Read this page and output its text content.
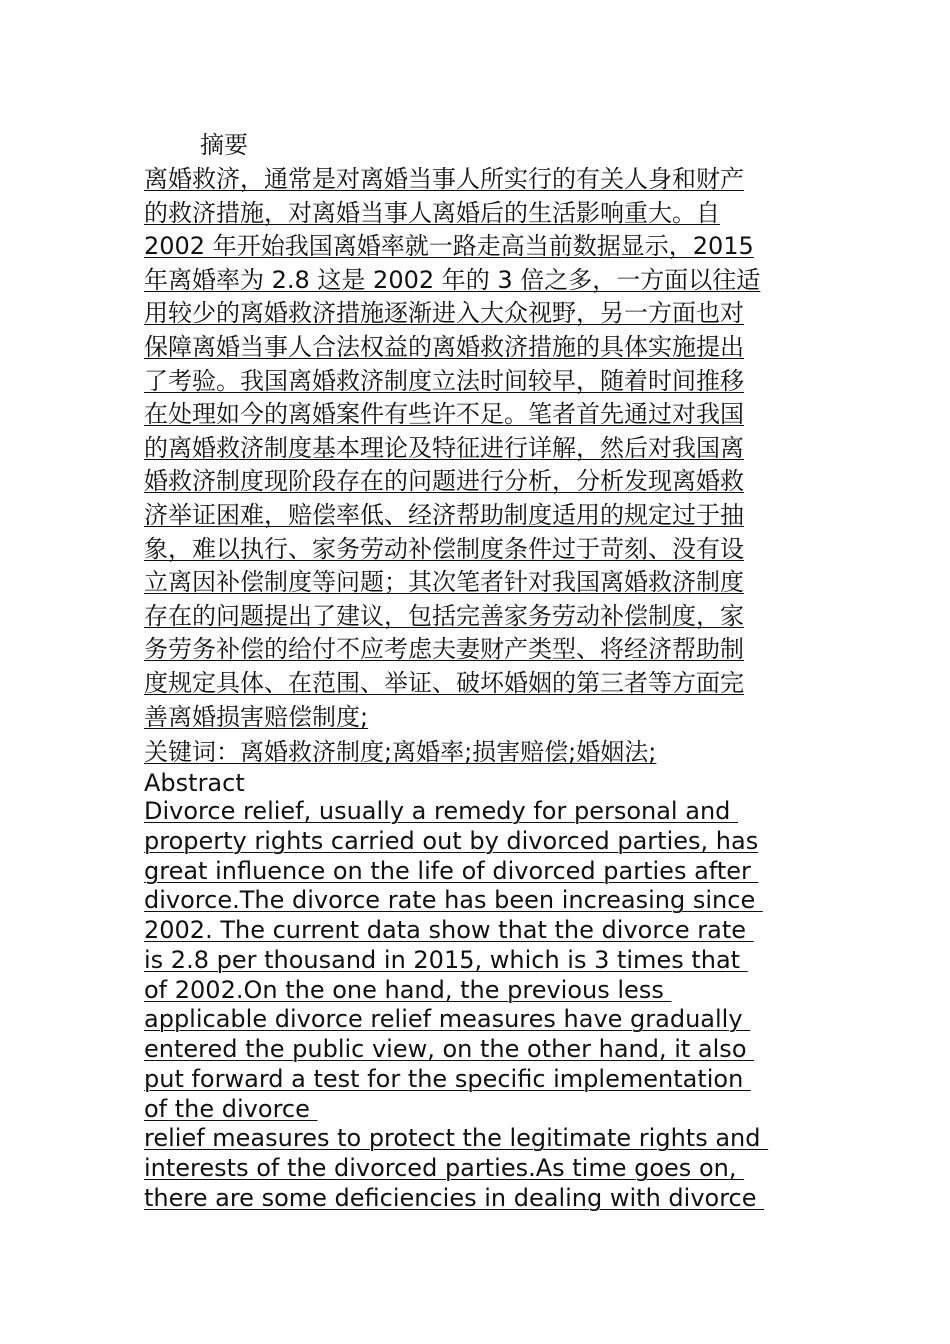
摘要
离婚救济，通常是对离婚当事人所实行的有关人身和财产
的救济措施，对离婚当事人离婚后的生活影响重大。自
2002 年开始我国离婚率就一路走高当前数据显示，2015
年离婚率为 2.8 这是 2002 年的 3 倍之多，一方面以往适
用较少的离婚救济措施逐渐进入大众视野，另一方面也对
保障离婚当事人合法权益的离婚救济措施的具体实施提出
了考验。我国离婚救济制度立法时间较早，随着时间推移
在处理如今的离婚案件有些许不足。笔者首先通过对我国
的离婚救济制度基本理论及特征进行详解，然后对我国离
婚救济制度现阶段存在的问题进行分析，分析发现离婚救
济举证困难，赔偿率低、经济帮助制度适用的规定过于抽
象，难以执行、家务劳动补偿制度条件过于苛刻、没有设
立离因补偿制度等问题；其次笔者针对我国离婚救济制度
存在的问题提出了建议，包括完善家务劳动补偿制度，家
务劳务补偿的给付不应考虑夫妻财产类型、将经济帮助制
度规定具体、在范围、举证、破坏婚姻的第三者等方面完
善离婚损害赔偿制度;
关键词：离婚救济制度;离婚率;损害赔偿;婚姻法;
Abstract
Divorce relief, usually a remedy for personal and
property rights carried out by divorced parties, has
great influence on the life of divorced parties after
divorce.The divorce rate has been increasing since
2002. The current data show that the divorce rate
is 2.8 per thousand in 2015, which is 3 times that
of 2002.On the one hand, the previous less
applicable divorce relief measures have gradually
entered the public view, on the other hand, it also
put forward a test for the specific implementation
of the divorce
relief measures to protect the legitimate rights and
interests of the divorced parties.As time goes on,
there are some deficiencies in dealing with divorce
